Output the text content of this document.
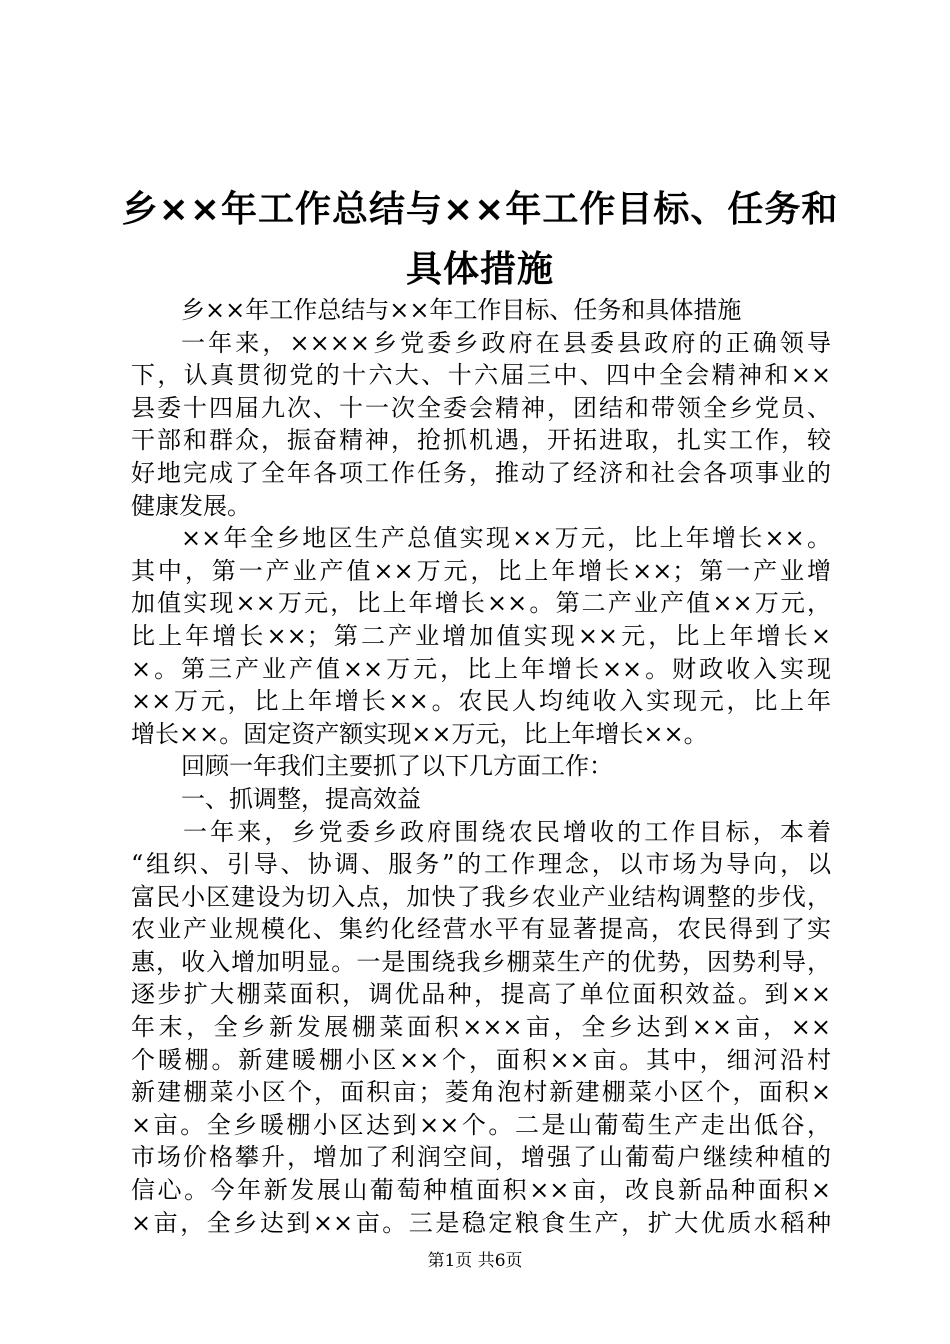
乡××年工作总结与××年工作目标、任务和
具体措施
乡××年工作总结与××年工作目标、任务和具体措施
一年来，××××乡党委乡政府在县委县政府的正确领导
下，认真贯彻党的十六大、十六届三中、四中全会精神和××
县委十四届九次、十一次全委会精神，团结和带领全乡党员、
干部和群众，振奋精神，抢抓机遇，开拓进取，扎实工作，较
好地完成了全年各项工作任务，推动了经济和社会各项事业的
健康发展。
××年全乡地区生产总值实现××万元，比上年增长××。
其中，第一产业产值××万元，比上年增长××；第一产业增
加值实现××万元，比上年增长××。第二产业产值××万元，
比上年增长××；第二产业增加值实现××元，比上年增长×
×。第三产业产值××万元，比上年增长××。财政收入实现
××万元，比上年增长××。农民人均纯收入实现元，比上年
增长××。固定资产额实现××万元，比上年增长××。
回顾一年我们主要抓了以下几方面工作：
一、抓调整，提高效益
一年来，乡党委乡政府围绕农民增收的工作目标，本着
“组织、引导、协调、服务”的工作理念，以市场为导向，以
富民小区建设为切入点，加快了我乡农业产业结构调整的步伐，
农业产业规模化、集约化经营水平有显著提高，农民得到了实
惠，收入增加明显。一是围绕我乡棚菜生产的优势，因势利导，
逐步扩大棚菜面积，调优品种，提高了单位面积效益。到××
年末，全乡新发展棚菜面积×××亩，全乡达到××亩，××
个暖棚。新建暖棚小区××个，面积××亩。其中，细河沿村
新建棚菜小区个，面积亩；菱角泡村新建棚菜小区个，面积×
×亩。全乡暖棚小区达到××个。二是山葡萄生产走出低谷，
市场价格攀升，增加了利润空间，增强了山葡萄户继续种植的
信心。今年新发展山葡萄种植面积××亩，改良新品种面积×
×亩，全乡达到××亩。三是稳定粮食生产，扩大优质水稻种
第1页 共6页
